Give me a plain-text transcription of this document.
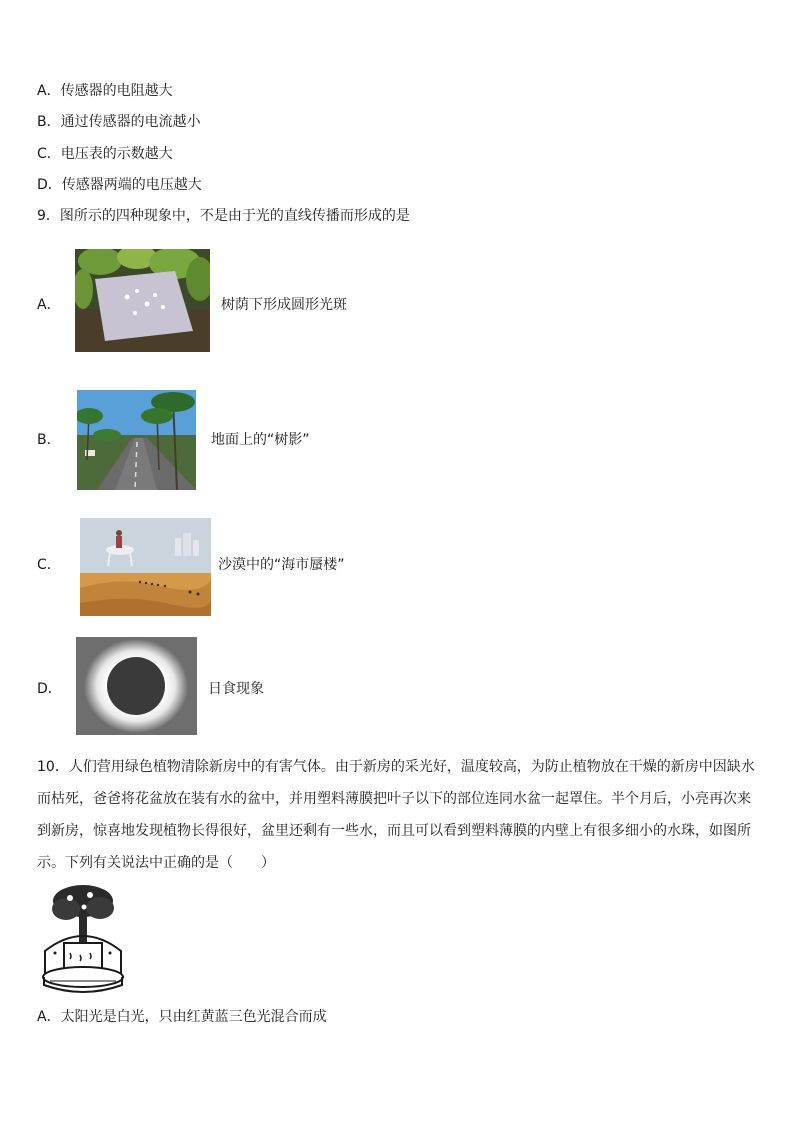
A．传感器的电阻越大
B．通过传感器的电流越小
C．电压表的示数越大
D．传感器两端的电压越大
9．图所示的四种现象中，不是由于光的直线传播而形成的是
A．	树荫下形成圆形光斑
B．	地面上的“树影”
C．	沙漠中的“海市蜃楼”
D．	日食现象
10．人们营用绿色植物清除新房中的有害气体。由于新房的采光好，温度较高，为防止植物放在干燥的新房中因缺水而枯死，爸爸将花盆放在装有水的盆中，并用塑料薄膜把叶子以下的部位连同水盆一起罩住。半个月后，小亮再次来到新房，惊喜地发现植物长得很好，盆里还剩有一些水，而且可以看到塑料薄膜的内壁上有很多细小的水珠，如图所示。下列有关说法中正确的是（　　）
A．太阳光是白光，只由红黄蓝三色光混合而成
